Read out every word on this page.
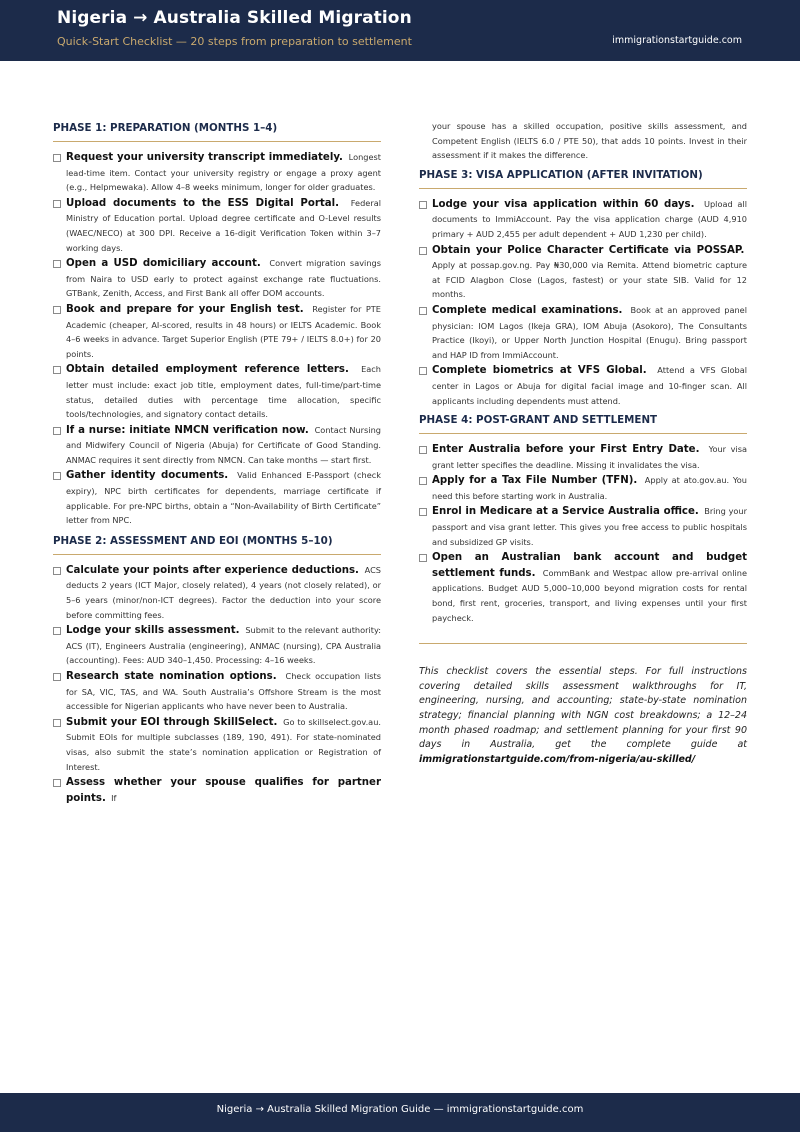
Nigeria → Australia Skilled Migration
Quick-Start Checklist — 20 steps from preparation to settlement	immigrationstartguide.com
PHASE 1: PREPARATION (MONTHS 1–4)
Request your university transcript immediately. Longest lead-time item. Contact your university registry or engage a proxy agent (e.g., Helpmewaka). Allow 4–8 weeks minimum, longer for older graduates.
Upload documents to the ESS Digital Portal. Federal Ministry of Education portal. Upload degree certificate and O-Level results (WAEC/NECO) at 300 DPI. Receive a 16-digit Verification Token within 3–7 working days.
Open a USD domiciliary account. Convert migration savings from Naira to USD early to protect against exchange rate fluctuations. GTBank, Zenith, Access, and First Bank all offer DOM accounts.
Book and prepare for your English test. Register for PTE Academic (cheaper, AI-scored, results in 48 hours) or IELTS Academic. Book 4–6 weeks in advance. Target Superior English (PTE 79+ / IELTS 8.0+) for 20 points.
Obtain detailed employment reference letters. Each letter must include: exact job title, employment dates, full-time/part-time status, detailed duties with percentage time allocation, specific tools/technologies, and signatory contact details.
If a nurse: initiate NMCN verification now. Contact Nursing and Midwifery Council of Nigeria (Abuja) for Certificate of Good Standing. ANMAC requires it sent directly from NMCN. Can take months — start first.
Gather identity documents. Valid Enhanced E-Passport (check expiry), NPC birth certificates for dependents, marriage certificate if applicable. For pre-NPC births, obtain a “Non-Availability of Birth Certificate” letter from NPC.
PHASE 2: ASSESSMENT AND EOI (MONTHS 5–10)
Calculate your points after experience deductions. ACS deducts 2 years (ICT Major, closely related), 4 years (not closely related), or 5–6 years (minor/non-ICT degrees). Factor the deduction into your score before committing fees.
Lodge your skills assessment. Submit to the relevant authority: ACS (IT), Engineers Australia (engineering), ANMAC (nursing), CPA Australia (accounting). Fees: AUD 340–1,450. Processing: 4–16 weeks.
Research state nomination options. Check occupation lists for SA, VIC, TAS, and WA. South Australia’s Offshore Stream is the most accessible for Nigerian applicants who have never been to Australia.
Submit your EOI through SkillSelect. Go to skillselect.gov.au. Submit EOIs for multiple subclasses (189, 190, 491). For state-nominated visas, also submit the state’s nomination application or Registration of Interest.
Assess whether your spouse qualifies for partner points. If
your spouse has a skilled occupation, positive skills assessment, and Competent English (IELTS 6.0 / PTE 50), that adds 10 points. Invest in their assessment if it makes the difference.
PHASE 3: VISA APPLICATION (AFTER INVITATION)
Lodge your visa application within 60 days. Upload all documents to ImmiAccount. Pay the visa application charge (AUD 4,910 primary + AUD 2,455 per adult dependent + AUD 1,230 per child).
Obtain your Police Character Certificate via POSSAP.  Apply at possap.gov.ng. Pay ₦30,000 via Remita. Attend biometric capture at FCID Alagbon Close (Lagos, fastest) or your state SIB. Valid for 12 months.
Complete medical examinations. Book at an approved panel physician: IOM Lagos (Ikeja GRA), IOM Abuja (Asokoro), The Consultants Practice (Ikoyi), or Upper North Junction Hospital (Enugu). Bring passport and HAP ID from ImmiAccount.
Complete biometrics at VFS Global. Attend a VFS Global center in Lagos or Abuja for digital facial image and 10-finger scan. All applicants including dependents must attend.
PHASE 4: POST-GRANT AND SETTLEMENT
Enter Australia before your First Entry Date. Your visa grant letter specifies the deadline. Missing it invalidates the visa.
Apply for a Tax File Number (TFN). Apply at ato.gov.au. You need this before starting work in Australia.
Enrol in Medicare at a Service Australia office. Bring your passport and visa grant letter. This gives you free access to public hospitals and subsidized GP visits.
Open an Australian bank account and budget settlement funds. CommBank and Westpac allow pre-arrival online applications. Budget AUD 5,000–10,000 beyond migration costs for rental bond, first rent, groceries, transport, and living expenses until your first paycheck.
This checklist covers the essential steps. For full instructions covering detailed skills assessment walkthroughs for IT, engineering, nursing, and accounting; state-by-state nomination strategy; financial planning with NGN cost breakdowns; a 12–24 month phased roadmap; and settlement planning for your first 90 days in Australia, get the complete guide at immigrationstartguide.com/from-nigeria/au-skilled/
Nigeria → Australia Skilled Migration Guide — immigrationstartguide.com
